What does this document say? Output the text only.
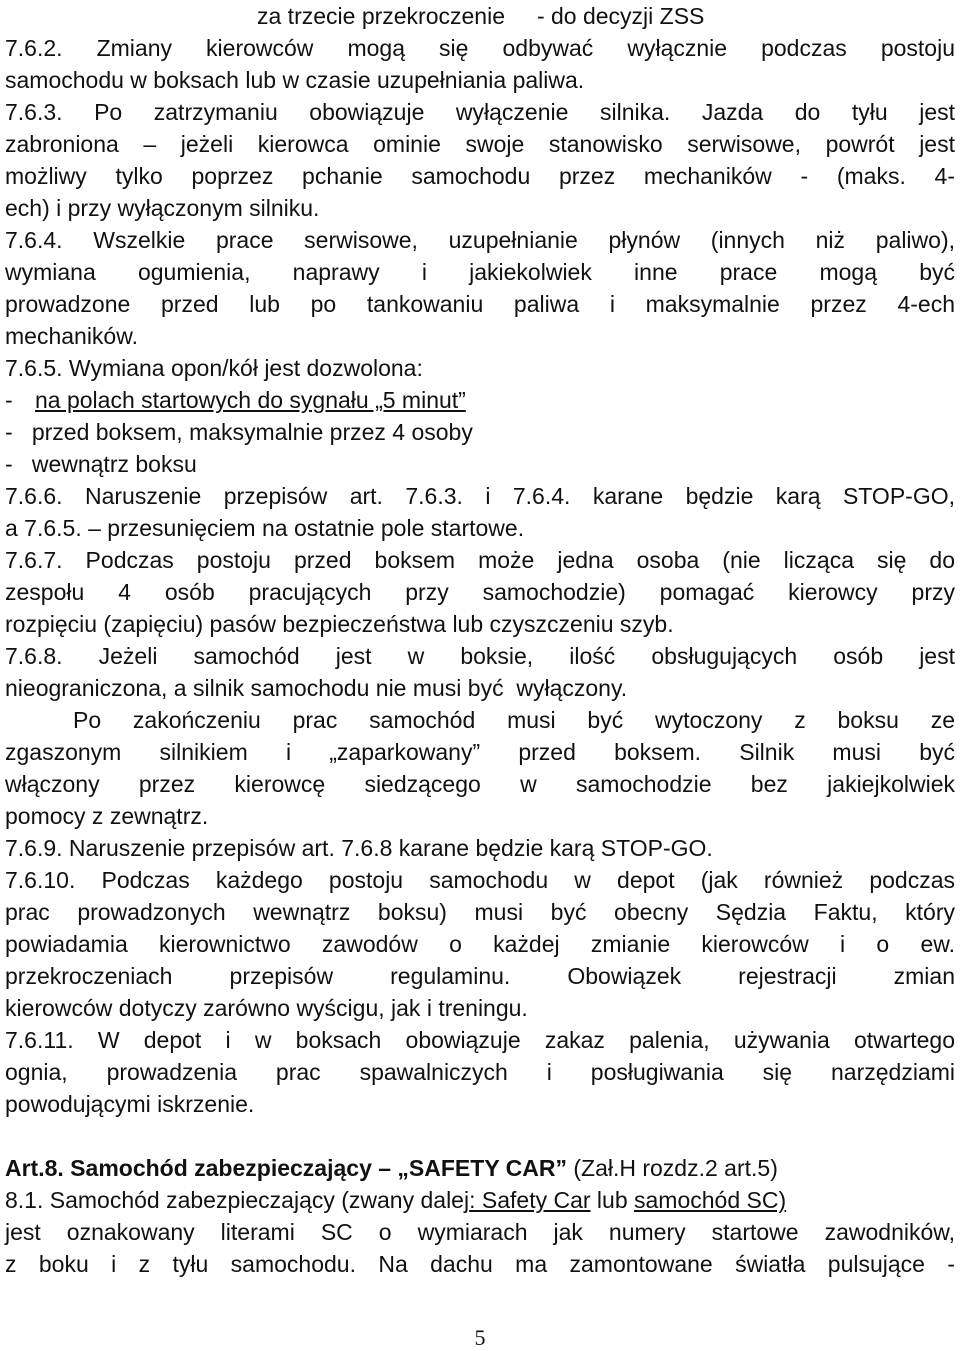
za trzecie przekroczenie     - do decyzji ZSS
7.6.2. Zmiany kierowców mogą się odbywać wyłącznie podczas postoju
samochodu w boksach lub w czasie uzupełniania paliwa.
7.6.3. Po zatrzymaniu obowiązuje wyłączenie silnika. Jazda do tyłu jest
zabroniona – jeżeli kierowca ominie swoje stanowisko serwisowe, powrót jest
możliwy tylko poprzez pchanie samochodu przez mechaników - (maks. 4-
ech) i przy wyłączonym silniku.
7.6.4. Wszelkie prace serwisowe, uzupełnianie płynów (innych niż paliwo),
wymiana ogumienia, naprawy i jakiekolwiek inne prace mogą być
prowadzone przed lub po tankowaniu paliwa i maksymalnie przez 4-ech
mechaników.
7.6.5. Wymiana opon/kół jest dozwolona:
- na polach startowych do sygnału „5 minut”
-   przed boksem, maksymalnie przez 4 osoby
-   wewnątrz boksu
7.6.6. Naruszenie przepisów art. 7.6.3. i 7.6.4. karane będzie karą STOP-GO,
a 7.6.5. – przesunięciem na ostatnie pole startowe.
7.6.7. Podczas postoju przed boksem może jedna osoba (nie licząca się do
zespołu 4 osób pracujących przy samochodzie) pomagać kierowcy przy
rozpięciu (zapięciu) pasów bezpieczeństwa lub czyszczeniu szyb.
7.6.8. Jeżeli samochód jest w boksie, ilość obsługujących osób jest
nieograniczona, a silnik samochodu nie musi być  wyłączony.
Po zakończeniu prac samochód musi być wytoczony z boksu ze
zgaszonym silnikiem i „zaparkowany” przed boksem. Silnik musi być
włączony przez kierowcę siedzącego w samochodzie bez jakiejkolwiek
pomocy z zewnątrz.
7.6.9. Naruszenie przepisów art. 7.6.8 karane będzie karą STOP-GO.
7.6.10. Podczas każdego postoju samochodu w depot (jak również podczas
prac prowadzonych wewnątrz boksu) musi być obecny Sędzia Faktu, który
powiadamia kierownictwo zawodów o każdej zmianie kierowców i o ew.
przekroczeniach przepisów regulaminu. Obowiązek rejestracji zmian
kierowców dotyczy zarówno wyścigu, jak i treningu.
7.6.11. W depot i w boksach obowiązuje zakaz palenia, używania otwartego
ognia, prowadzenia prac spawalniczych i posługiwania się narzędziami
powodującymi iskrzenie.
Art.8. Samochód zabezpieczający – „SAFETY CAR” (Zał.H rozdz.2 art.5)
8.1. Samochód zabezpieczający (zwany dalej: Safety Car lub samochód SC)
jest oznakowany literami SC o wymiarach jak numery startowe zawodników,
z boku i z tyłu samochodu. Na dachu ma zamontowane światła pulsujące -
5
